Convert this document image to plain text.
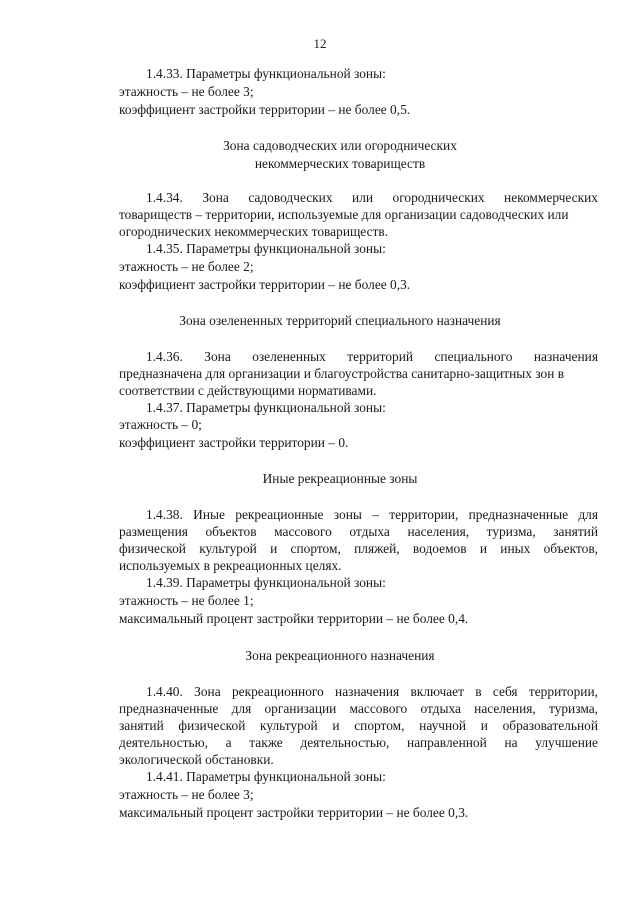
12
1.4.33. Параметры функциональной зоны:
этажность – не более 3;
коэффициент застройки территории – не более 0,5.
Зона садоводческих или огороднических
некоммерческих товариществ
1.4.34. Зона садоводческих или огороднических некоммерческих
товариществ – территории, используемые для организации садоводческих или
огороднических некоммерческих товариществ.
1.4.35. Параметры функциональной зоны:
этажность – не более 2;
коэффициент застройки территории – не более 0,3.
Зона озелененных территорий специального назначения
1.4.36. Зона озелененных территорий специального назначения
предназначена для организации и благоустройства санитарно-защитных зон в
соответствии с действующими нормативами.
1.4.37. Параметры функциональной зоны:
этажность – 0;
коэффициент застройки территории – 0.
Иные рекреационные зоны
1.4.38. Иные рекреационные зоны – территории, предназначенные для
размещения объектов массового отдыха населения, туризма, занятий
физической культурой и спортом, пляжей, водоемов и иных объектов,
используемых в рекреационных целях.
1.4.39. Параметры функциональной зоны:
этажность – не более 1;
максимальный процент застройки территории – не более 0,4.
Зона рекреационного назначения
1.4.40. Зона рекреационного назначения включает в себя территории,
предназначенные для организации массового отдыха населения, туризма,
занятий физической культурой и спортом, научной и образовательной
деятельностью, а также деятельностью, направленной на улучшение
экологической обстановки.
1.4.41. Параметры функциональной зоны:
этажность – не более 3;
максимальный процент застройки территории – не более 0,3.
